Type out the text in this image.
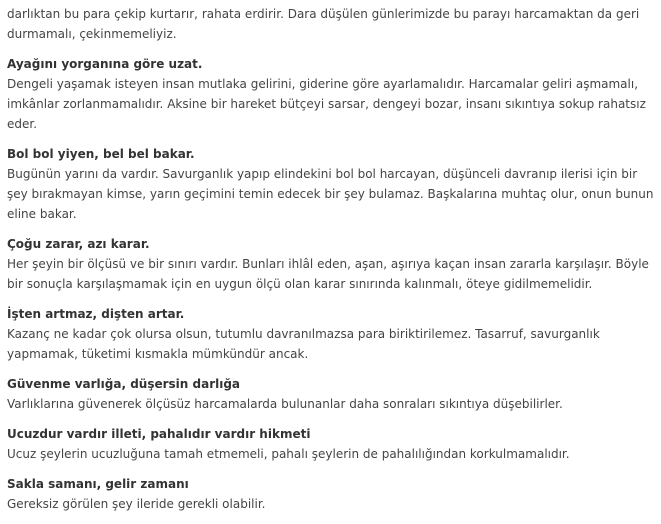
darlıktan bu para çekip kurtarır, rahata erdirir. Dara düşülen günlerimizde bu parayı harcamaktan da geri durmamalı, çekinmemeliyiz.

Ayağını yorganına göre uzat.

Dengeli yaşamak isteyen insan mutlaka gelirini, giderine göre ayarlamalıdır. Harcamalar geliri aşmamalı, imkânlar zorlanmamalıdır. Aksine bir hareket bütçeyi sarsar, dengeyi bozar, insanı sıkıntıya sokup rahatsız eder.

Bol bol yiyen, bel bel bakar.

Bugünün yarını da vardır. Savurganlık yapıp elindekini bol bol harcayan, düşünceli davranıp ilerisi için bir şey bırakmayan kimse, yarın geçimini temin edecek bir şey bulamaz. Başkalarına muhtaç olur, onun bunun eline bakar.

Çoğu zarar, azı karar.

Her şeyin bir ölçüsü ve bir sınırı vardır. Bunları ihlâl eden, aşan, aşırıya kaçan insan zararla karşılaşır. Böyle bir sonuçla karşılaşmamak için en uygun ölçü olan karar sınırında kalınmalı, öteye gidilmemelidir.

İşten artmaz, dişten artar.

Kazanç ne kadar çok olursa olsun, tutumlu davranılmazsa para biriktirilemez. Tasarruf, savurganlık yapmamak, tüketimi kısmakla mümkündür ancak.

Güvenme varlığa, düşersin darlığa

Varlıklarına güvenerek ölçüsüz harcamalarda bulunanlar daha sonraları sıkıntıya düşebilirler.

Ucuzdur vardır illeti, pahalıdır vardır hikmeti

Ucuz şeylerin ucuzluğuna tamah etmemeli, pahalı şeylerin de pahalılığından korkulmamalıdır.

Sakla samanı, gelir zamanı

Gereksiz görülen şey ileride gerekli olabilir.
